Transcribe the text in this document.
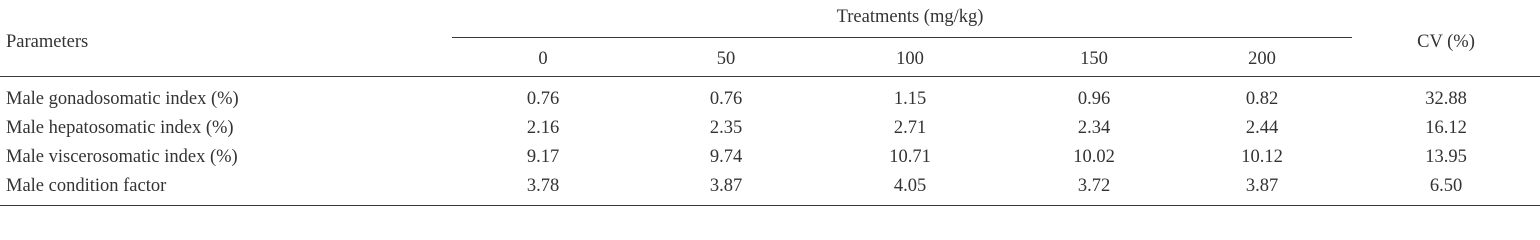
Parameters
Treatments (mg/kg)
CV (%)
0	50	100	150	200
Male gonadosomatic index (%)	0.76	0.76	1.15	0.96	0.82	32.88
Male hepatosomatic index (%)	2.16	2.35	2.71	2.34	2.44	16.12
Male viscerosomatic index (%)	9.17	9.74	10.71	10.02	10.12	13.95
Male condition factor	3.78	3.87	4.05	3.72	3.87	6.50
